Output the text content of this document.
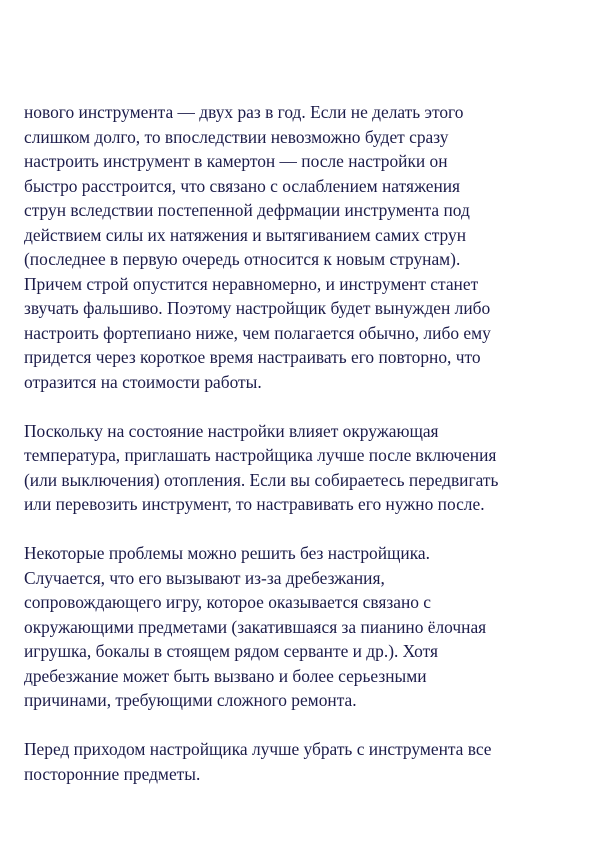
нового инструмента — двух раз в год. Если не делать этого
слишком долго, то впоследствии невозможно будет сразу
настроить инструмент в камертон — после настройки он
быстро расстроится, что связано с ослаблением натяжения
струн вследствии постепенной дефрмации инструмента под
действием силы их натяжения и вытягиванием самих струн
(последнее в первую очередь относится к новым струнам).
Причем строй опустится неравномерно, и инструмент станет
звучать фальшиво. Поэтому настройщик будет вынужден либо
настроить фортепиано ниже, чем полагается обычно, либо ему
придется через короткое время настраивать его повторно, что
отразится на стоимости работы.
Поскольку на состояние настройки влияет окружающая
температура, приглашать настройщика лучше после включения
(или выключения) отопления. Если вы собираетесь передвигать
или перевозить инструмент, то настравивать его нужно после.
Некоторые проблемы можно решить без настройщика.
Случается, что его вызывают из-за дребезжания,
сопровождающего игру, которое оказывается связано с
окружающими предметами (закатившаяся за пианино ёлочная
игрушка, бокалы в стоящем рядом серванте и др.). Хотя
дребезжание может быть вызвано и более серьезными
причинами, требующими сложного ремонта.
Перед приходом настройщика лучше убрать с инструмента все
посторонние предметы.
